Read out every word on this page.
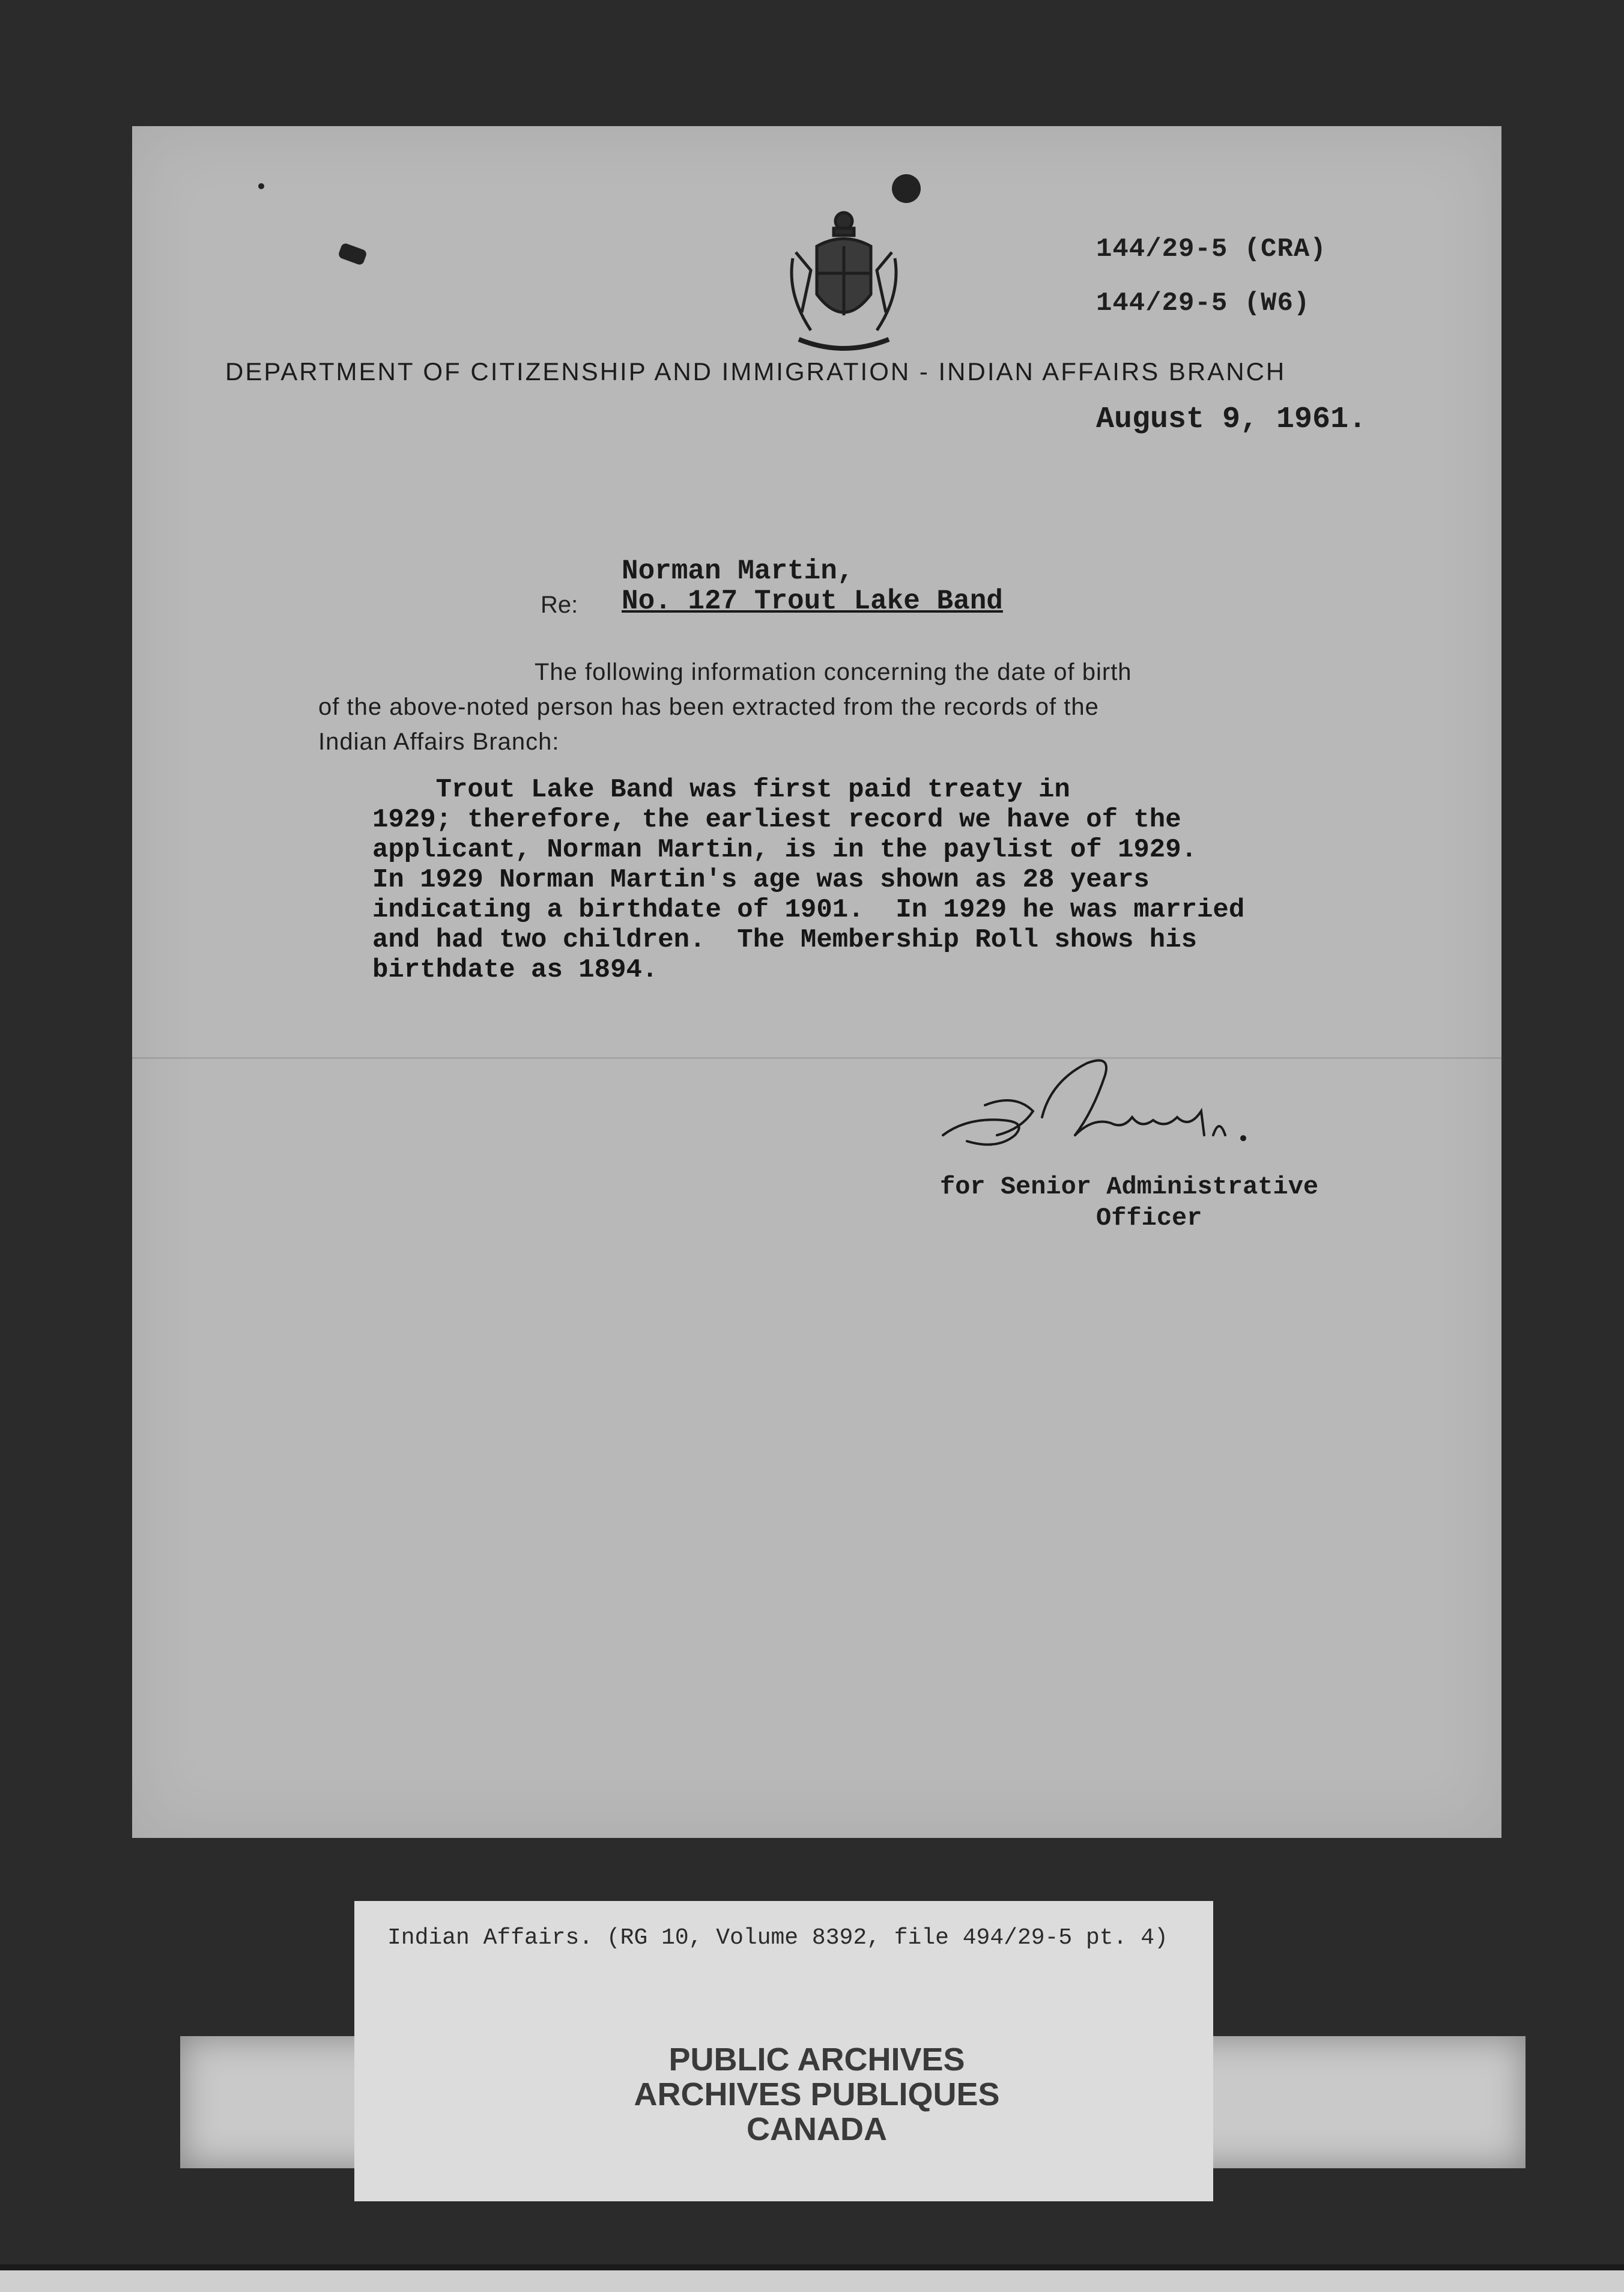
144/29-5 (CRA)
144/29-5 (W6)
DEPARTMENT OF CITIZENSHIP AND IMMIGRATION - INDIAN AFFAIRS BRANCH
August 9, 1961.
Re:
Norman Martin,
No. 127 Trout Lake Band
The following information concerning the date of birth
of the above-noted person has been extracted from the records of the
Indian Affairs Branch:
Trout Lake Band was first paid treaty in
1929; therefore, the earliest record we have of the
applicant, Norman Martin, is in the paylist of 1929.
In 1929 Norman Martin's age was shown as 28 years
indicating a birthdate of 1901.  In 1929 he was married
and had two children.  The Membership Roll shows his
birthdate as 1894.
for Senior Administrative
Officer
Indian Affairs. (RG 10, Volume 8392, file 494/29-5 pt. 4)
PUBLIC ARCHIVES
ARCHIVES PUBLIQUES
CANADA
